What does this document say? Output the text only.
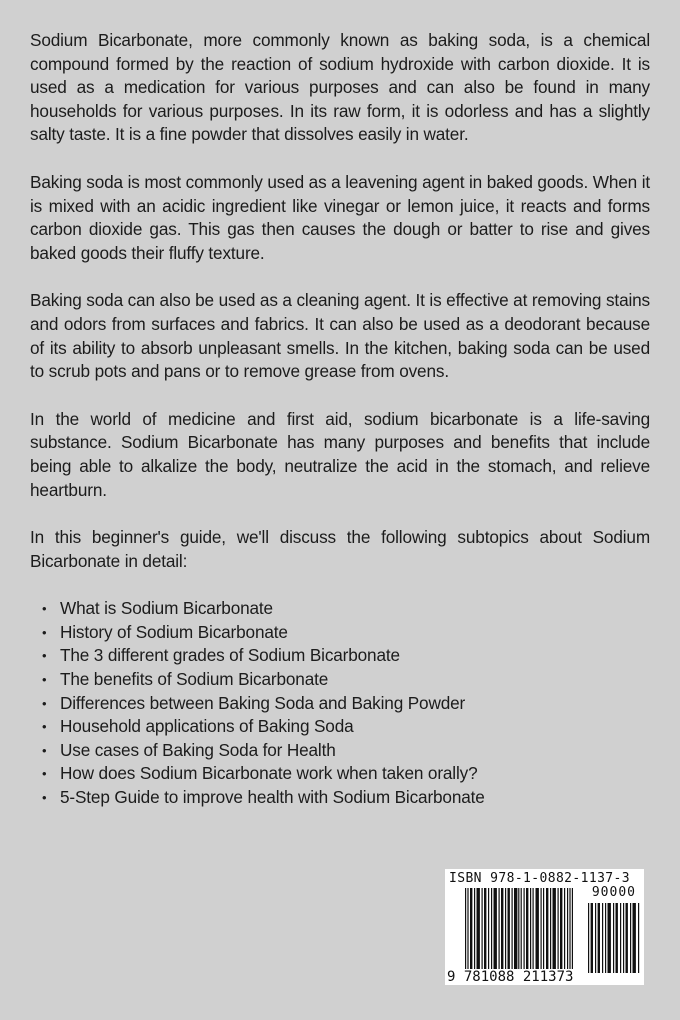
Sodium Bicarbonate, more commonly known as baking soda, is a chemical compound formed by the reaction of sodium hydroxide with carbon dioxide. It is used as a medication for various purposes and can also be found in many households for various purposes. In its raw form, it is odorless and has a slightly salty taste. It is a fine powder that dissolves easily in water.

Baking soda is most commonly used as a leavening agent in baked goods. When it is mixed with an acidic ingredient like vinegar or lemon juice, it reacts and forms carbon dioxide gas. This gas then causes the dough or batter to rise and gives baked goods their fluffy texture.

Baking soda can also be used as a cleaning agent. It is effective at removing stains and odors from surfaces and fabrics. It can also be used as a deodorant because of its ability to absorb unpleasant smells. In the kitchen, baking soda can be used to scrub pots and pans or to remove grease from ovens.

In the world of medicine and first aid, sodium bicarbonate is a life-saving substance. Sodium Bicarbonate has many purposes and benefits that include being able to alkalize the body, neutralize the acid in the stomach, and relieve heartburn.

In this beginner's guide, we'll discuss the following subtopics about Sodium Bicarbonate in detail:

• What is Sodium Bicarbonate
• History of Sodium Bicarbonate
• The 3 different grades of Sodium Bicarbonate
• The benefits of Sodium Bicarbonate
• Differences between Baking Soda and Baking Powder
• Household applications of Baking Soda
• Use cases of Baking Soda for Health
• How does Sodium Bicarbonate work when taken orally?
• 5-Step Guide to improve health with Sodium Bicarbonate
ISBN 978-1-0882-1137-3
90000
9 781088 211373
